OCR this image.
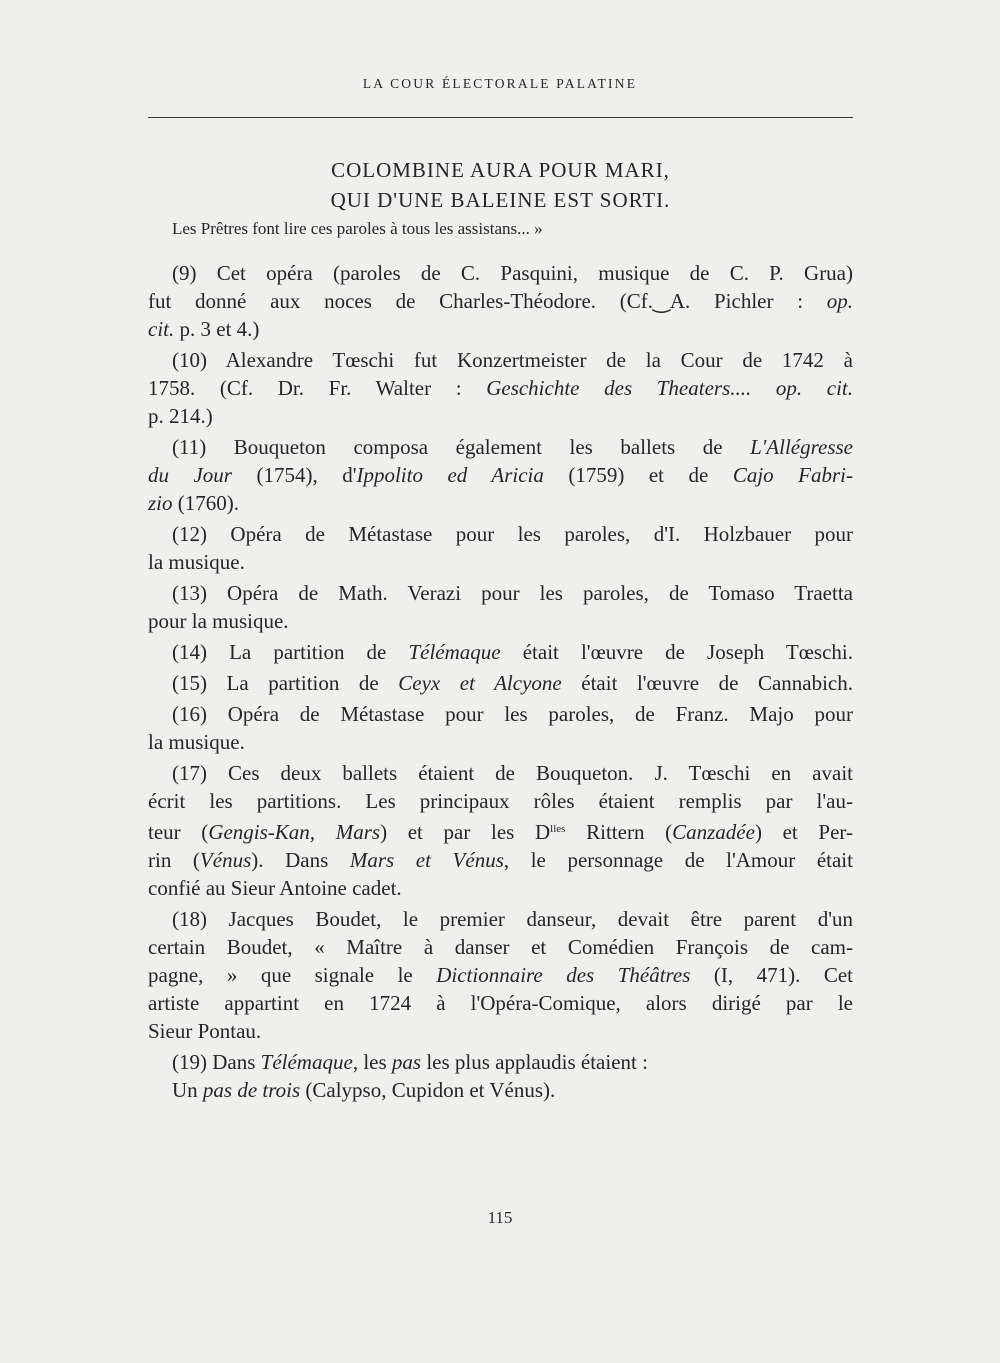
LA COUR ÉLECTORALE PALATINE
COLOMBINE AURA POUR MARI,
QUI D'UNE BALEINE EST SORTI.
Les Prêtres font lire ces paroles à tous les assistans... »
(9) Cet opéra (paroles de C. Pasquini, musique de C. P. Grua)
fut donné aux noces de Charles-Théodore. (Cf.‿A. Pichler : op.
cit. p. 3 et 4.)
(10) Alexandre Tœschi fut Konzertmeister de la Cour de 1742 à
1758. (Cf. Dr. Fr. Walter : Geschichte des Theaters.... op. cit.
p. 214.)
(11) Bouqueton composa également les ballets de L'Allégresse
du Jour (1754), d'Ippolito ed Aricia (1759) et de Cajo Fabri-
zio (1760).
(12) Opéra de Métastase pour les paroles, d'I. Holzbauer pour
la musique.
(13) Opéra de Math. Verazi pour les paroles, de Tomaso Traetta
pour la musique.
(14) La partition de Télémaque était l'œuvre de Joseph Tœschi.
(15) La partition de Ceyx et Alcyone était l'œuvre de Cannabich.
(16) Opéra de Métastase pour les paroles, de Franz. Majo pour
la musique.
(17) Ces deux ballets étaient de Bouqueton. J. Tœschi en avait
écrit les partitions. Les principaux rôles étaient remplis par l'au-
teur (Gengis-Kan, Mars) et par les $D^{lles}$ Rittern (Canzadée) et Per-
rin (Vénus). Dans Mars et Vénus, le personnage de l'Amour était
confié au Sieur Antoine cadet.
(18) Jacques Boudet, le premier danseur, devait être parent d'un
certain Boudet, « Maître à danser et Comédien François de cam-
pagne, » que signale le Dictionnaire des Théâtres (I, 471). Cet
artiste appartint en 1724 à l'Opéra-Comique, alors dirigé par le
Sieur Pontau.
(19) Dans Télémaque, les pas les plus applaudis étaient :
Un pas de trois (Calypso, Cupidon et Vénus).
115
